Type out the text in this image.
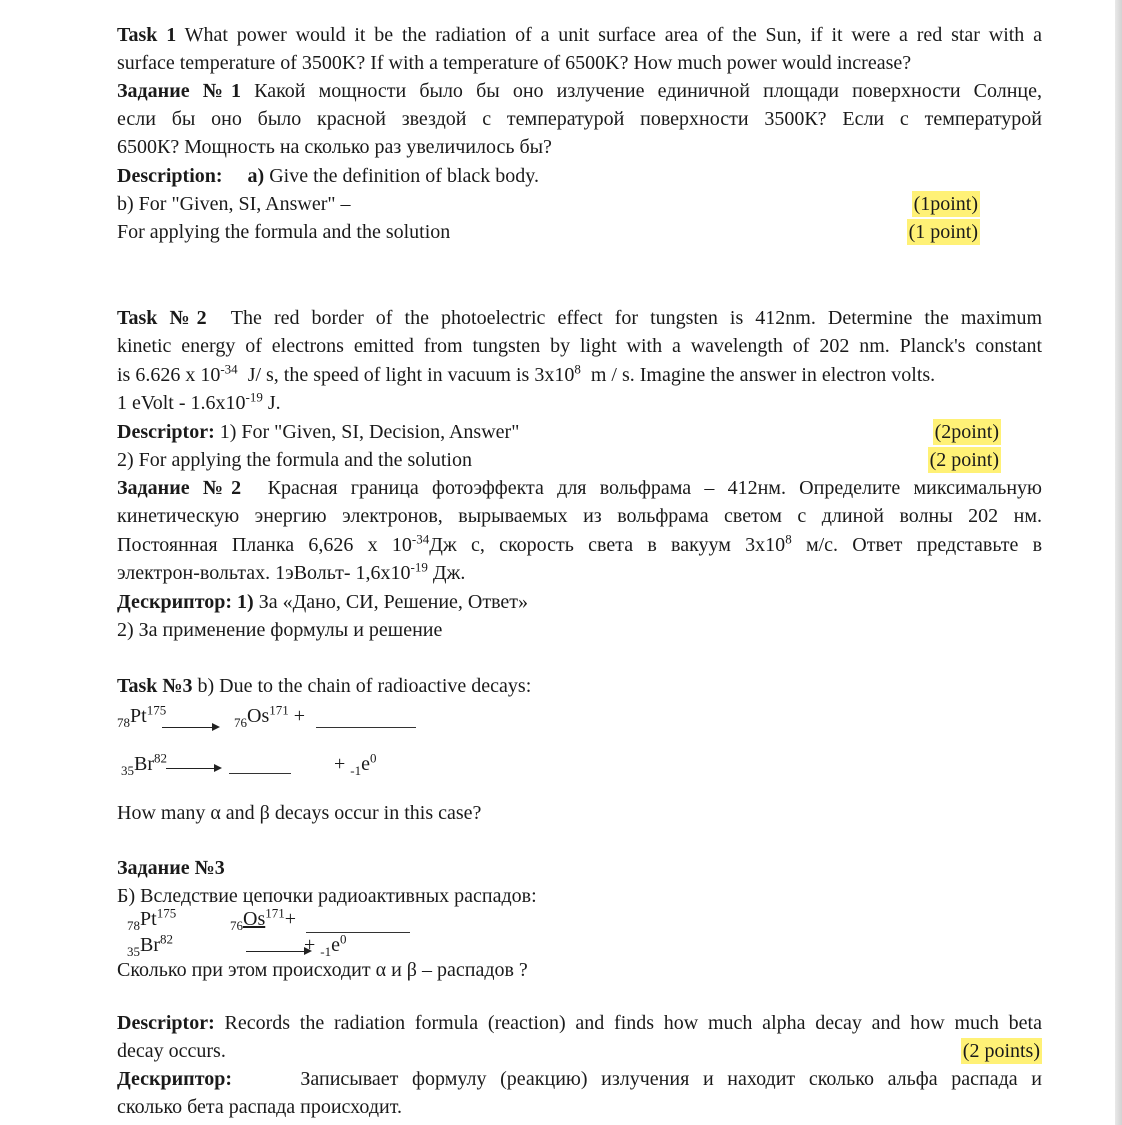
Task 1 What power would it be the radiation of a unit surface area of the Sun, if it were a red star with a
surface temperature of 3500K? If with a temperature of 6500K? How much power would increase?
Задание №1 Какой мощности было бы оно излучение единичной площади поверхности Солнце,
если бы оно было красной звездой с температурой поверхности 3500К? Если с температурой
6500К? Мощность на сколько раз увеличилось бы?
Description: a) Give the definition of black body.
b) For "Given, SI, Answer" –	(1point)
For applying the formula and the solution	(1 point)
Task №2 The red border of the photoelectric effect for tungsten is 412nm. Determine the maximum
kinetic energy of electrons emitted from tungsten by light with a wavelength of 202 nm. Planck's constant
is 6.626 x $10^{-34}$ J/ s, the speed of light in vacuum is $3x10^8$ m / s. Imagine the answer in electron volts.
1 eVolt - $1.6x10^{-19}$ J.
Descriptor: 1) For "Given, SI, Decision, Answer"	(2point)
2) For applying the formula and the solution	(2 point)
Задание №2 Красная граница фотоэффекта для вольфрама – 412нм. Определите миксимальную
кинетическую энергию электронов, вырываемых из вольфрама светом с длиной волны 202 нм.
Постоянная Планка 6,626 х $10^{-34}Дж$ с, скорость света в вакуум $3х10^8$ м/с. Ответ представьте в
электрон-вольтах. 1эВольт- $1,6х10^{-19}$ Дж.
Дескриптор: 1) За «Дано, СИ, Решение, Ответ»
2) За применение формулы и решение
Task №3 b) Due to the chain of radioactive decays:
$_{78}Pt^{175}$
→ $_{76}Os^{171}$ +
$_{35}Br^{82}$	+ $_{-1}e^0$
How many α and β decays occur in this case?
Задание №3
Б) Вследствие цепочки радиоактивных распадов:
$_{78}Pt^{175}$
$_{76}Os^{171}+$
$_{35}Br^{82}$	+ $_{-1}e^0$
Сколько при этом происходит α и β – распадов ?
Descriptor: Records the radiation formula (reaction) and finds how much alpha decay and how much beta
decay occurs.	(2 points)
Дескриптор:	Записывает формулу (реакцию) излучения и находит сколько альфа распада и
сколько бета распада происходит.
